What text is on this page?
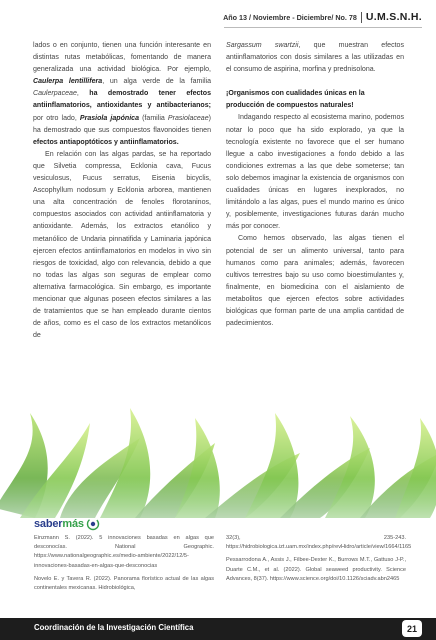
Año 13 / Noviembre - Diciembre/ No. 78 U.M.S.N.H.

lados o en conjunto, tienen una función interesante en distintas rutas metabólicas, fomentando de manera generalizada una actividad biológica. Por ejemplo, Caulerpa lentillifera, un alga verde de la familia Caulerpaceae, ha demostrado tener efectos antiinflamatorios, antioxidantes y antibacterianos; por otro lado, Prasiola japónica (familia Prasiolaceae) ha demostrado que sus compuestos flavonoides tienen efectos antiapoptóticos y antiinflamatorios.

En relación con las algas pardas, se ha reportado que Silvetia compressa, Ecklonia cava, Fucus vesiculosus, Fucus serratus, Eisenia bicyclis, Ascophyllum nodosum y Ecklonia arborea, mantienen una alta concentración de fenoles florotaninos, compuestos asociados con actividad antiinflamatoria y antioxidante. Además, los extractos etanólico y metanólico de Undaria pinnatifida y Laminaria japónica ejercen efectos antiinflamatorios en modelos in vivo sin riesgos de toxicidad, algo con relevancia, debido a que no todas las algas son seguras de emplear como alternativa farmacológica. Sin embargo, es importante mencionar que algunas poseen efectos similares a las de tratamientos que se han empleado durante cientos de años, como es el caso de los extractos metanólicos de

Sargassum swartzii, que muestran efectos antiinflamatorios con dosis similares a las utilizadas en el consumo de aspirina, morfina y prednisolona.

¡Organismos con cualidades únicas en la producción de compuestos naturales!

Indagando respecto al ecosistema marino, podemos notar lo poco que ha sido explorado, ya que la tecnología existente no favorece que el ser humano llegue a cabo investigaciones a fondo debido a las condiciones extremas a las que debe someterse; tan solo debemos imaginar la existencia de organismos con cualidades únicas en lugares inexplorados, no limitándolo a las algas, pues el mundo marino es único y, posiblemente, investigaciones futuras darán mucho más por conocer.

Como hemos observado, las algas tienen el potencial de ser un alimento universal, tanto para humanos como para animales; además, favorecen cultivos terrestres bajo su uso como bioestimulantes y, finalmente, en biomedicina con el aislamiento de metabolitos que ejercen efectos sobre actividades biológicas que forman parte de una amplia cantidad de padecimientos.

sabermás

Einzmann S. (2022). 5 innovaciones basadas en algas que desconocías. National Geographic. https://www.nationalgeographic.es/medio-ambiente/2022/12/5-innovaciones-basadas-en-algas-que-desconocias

Novelo E. y Tavera R. (2022). Panorama florístico actual de las algas continentales mexicanas. Hidrobiológica,

32(3), 235-243. https://hidrobiologica.izt.uam.mx/index.php/revHidro/article/view/1664/1165

Pessarrodona A., Assis J., Filbee-Dexter K., Burrows M.T., Gattuso J-P., Duarte C.M., et al. (2022). Global seaweed productivity. Science Advances, 8(37). https://www.science.org/doi/10.1126/sciadv.abn2465

Coordinación de la Investigación Científica	21
